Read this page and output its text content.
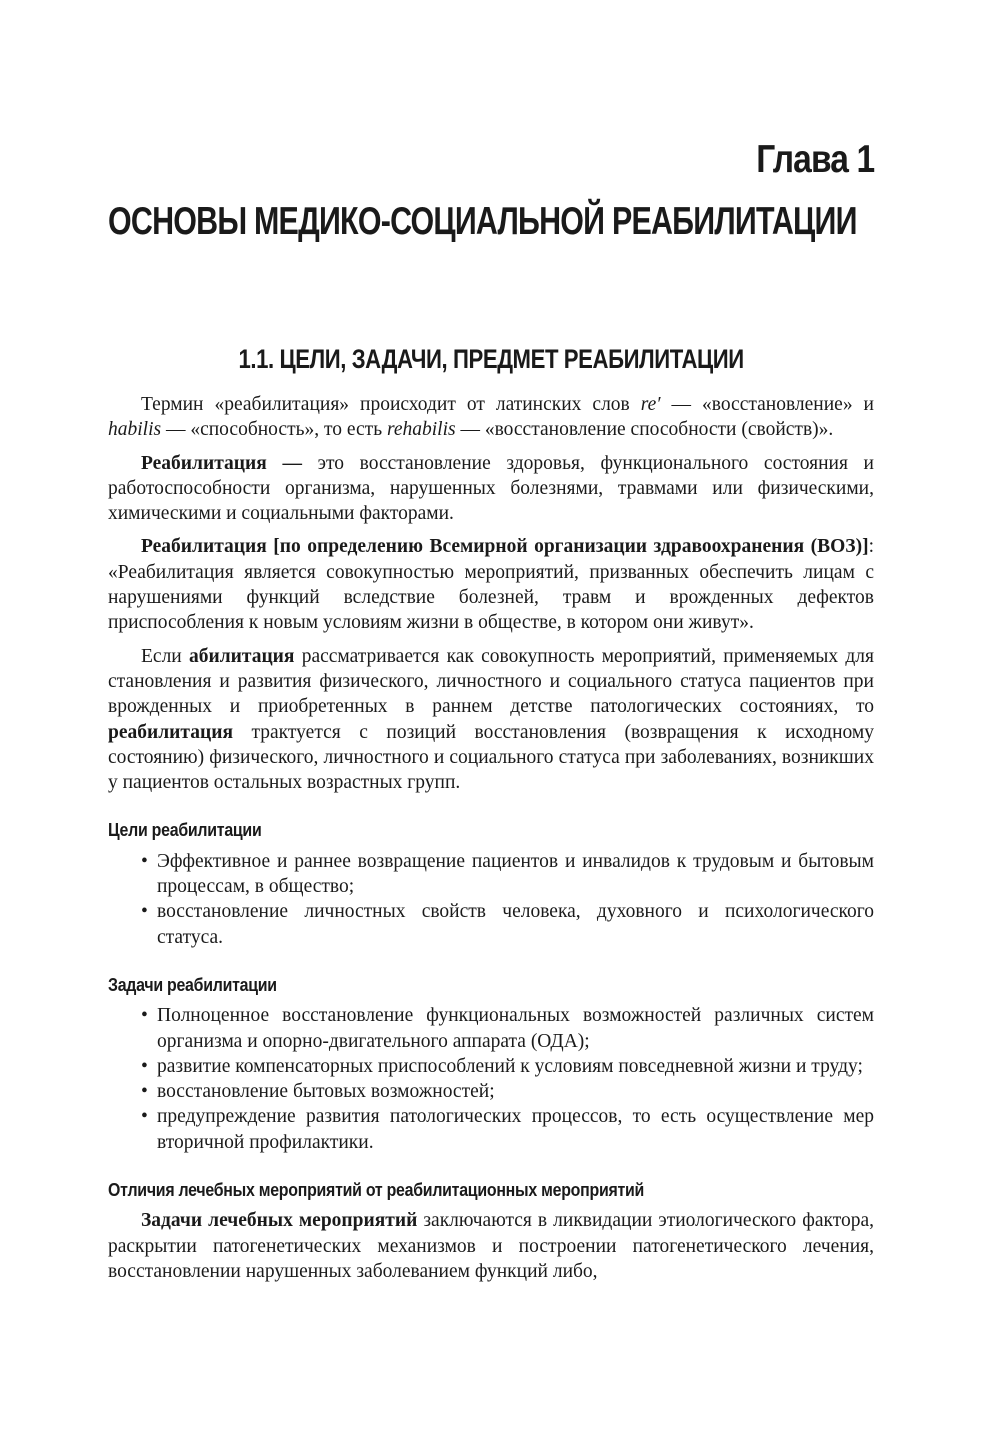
Глава 1
ОСНОВЫ МЕДИКО-СОЦИАЛЬНОЙ РЕАБИЛИТАЦИИ
1.1. ЦЕЛИ, ЗАДАЧИ, ПРЕДМЕТ РЕАБИЛИТАЦИИ

Термин «реабилитация» происходит от латинских слов re′ — «восстановление» и habilis — «способность», то есть rehabilis — «восстановление способности (свойств)».

Реабилитация — это восстановление здоровья, функционального состояния и работоспособности организма, нарушенных болезнями, травмами или физическими, химическими и социальными факторами.

Реабилитация [по определению Всемирной организации здравоохранения (ВОЗ)]: «Реабилитация является совокупностью мероприятий, призванных обеспечить лицам с нарушениями функций вследствие болезней, травм и врожденных дефектов приспособления к новым условиям жизни в обществе, в котором они живут».

Если абилитация рассматривается как совокупность мероприятий, применяемых для становления и развития физического, личностного и социального статуса пациентов при врожденных и приобретенных в раннем детстве патологических состояниях, то реабилитация трактуется с позиций восстановления (возвращения к исходному состоянию) физического, личностного и социального статуса при заболеваниях, возникших у пациентов остальных возрастных групп.

Цели реабилитации
• Эффективное и раннее возвращение пациентов и инвалидов к трудовым и бытовым процессам, в общество;
• восстановление личностных свойств человека, духовного и психологического статуса.
Задачи реабилитации
• Полноценное восстановление функциональных возможностей различных систем организма и опорно-двигательного аппарата (ОДА);
• развитие компенсаторных приспособлений к условиям повседневной жизни и труду;
• восстановление бытовых возможностей;
• предупреждение развития патологических процессов, то есть осуществление мер вторичной профилактики.
Отличия лечебных мероприятий от реабилитационных мероприятий

Задачи лечебных мероприятий заключаются в ликвидации этиологического фактора, раскрытии патогенетических механизмов и построении патогенетического лечения, восстановлении нарушенных заболеванием функций либо,
